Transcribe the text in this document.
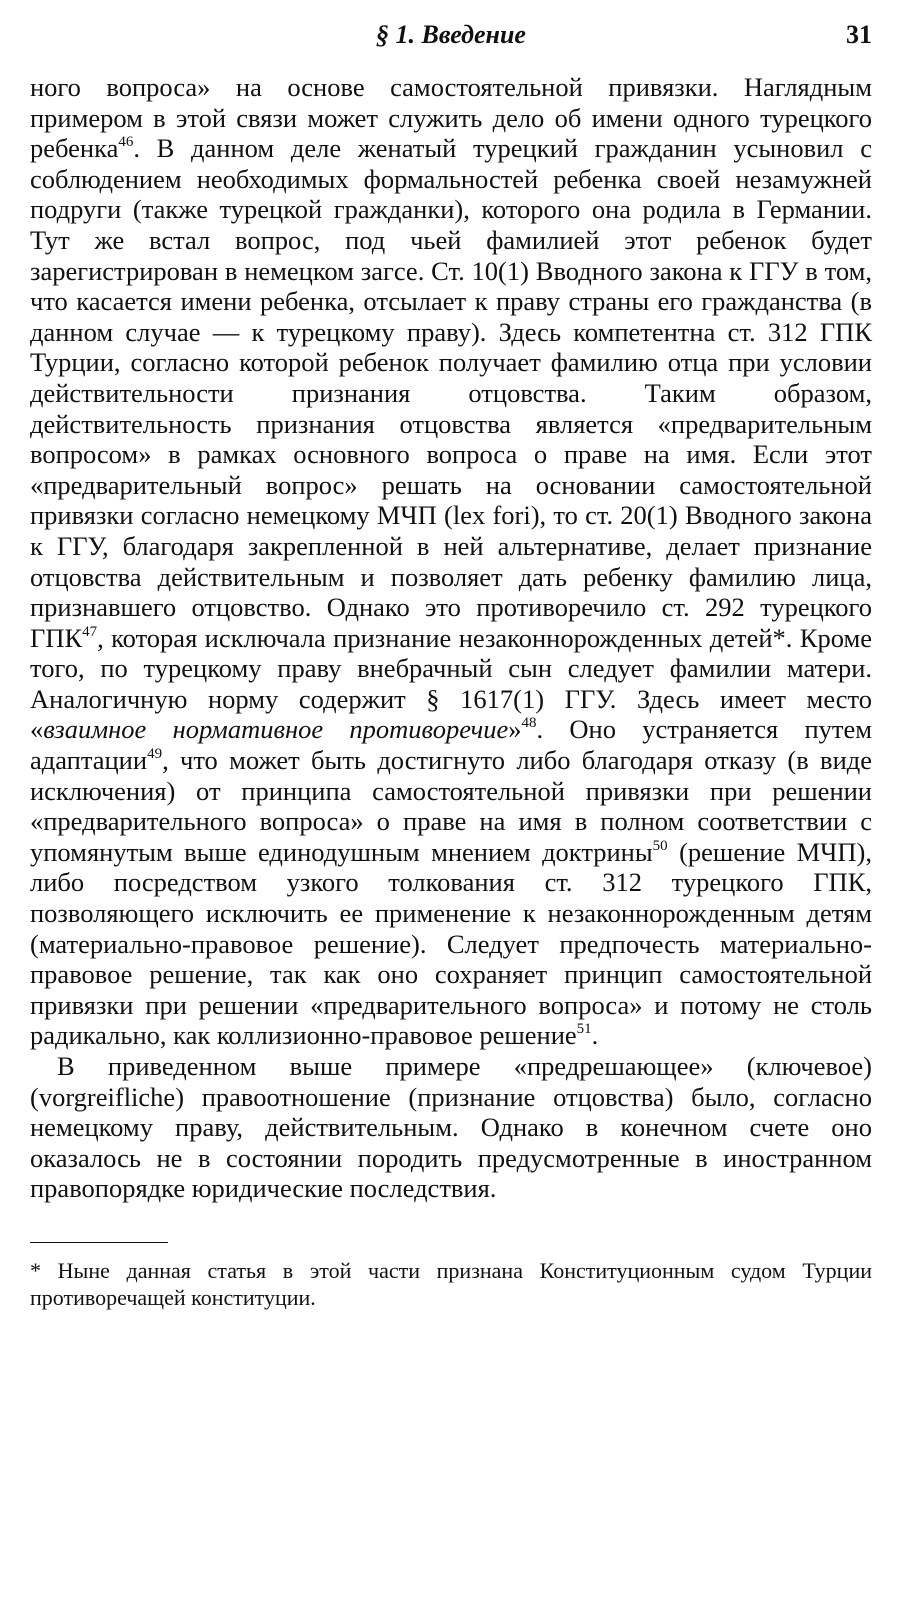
§ 1. Введение	31

ного вопроса» на основе самостоятельной привязки. Наглядным примером в этой связи может служить дело об имени одного турецкого ребенка$^{46}$. В данном деле женатый турецкий гражданин усыновил с соблюдением необходимых формальностей ребенка своей незамужней подруги (также турецкой гражданки), которого она родила в Германии. Тут же встал вопрос, под чьей фамилией этот ребенок будет зарегистрирован в немецком загсе. Ст. 10(1) Вводного закона к ГГУ в том, что касается имени ребенка, отсылает к праву страны его гражданства (в данном случае — к турецкому праву). Здесь компетентна ст. 312 ГПК Турции, согласно которой ребенок получает фамилию отца при условии действительности признания отцовства. Таким образом, действительность признания отцовства является «предварительным вопросом» в рамках основного вопроса о праве на имя. Если этот «предварительный вопрос» решать на основании самостоятельной привязки согласно немецкому МЧП (lex fori), то ст. 20(1) Вводного закона к ГГУ, благодаря закрепленной в ней альтернативе, делает признание отцовства действительным и позволяет дать ребенку фамилию лица, признавшего отцовство. Однако это противоречило ст. 292 турецкого ГПК$^{47}$, которая исключала признание незаконнорожденных детей*. Кроме того, по турецкому праву внебрачный сын следует фамилии матери. Аналогичную норму содержит § 1617(1) ГГУ. Здесь имеет место «взаимное нормативное противоречие»$^{48}$. Оно устраняется путем адаптации$^{49}$, что может быть достигнуто либо благодаря отказу (в виде исключения) от принципа самостоятельной привязки при решении «предварительного вопроса» о праве на имя в полном соответствии с упомянутым выше единодушным мнением доктрины$^{50}$ (решение МЧП), либо посредством узкого толкования ст. 312 турецкого ГПК, позволяющего исключить ее применение к незаконнорожденным детям (материально-правовое решение). Следует предпочесть материально-правовое решение, так как оно сохраняет принцип самостоятельной привязки при решении «предварительного вопроса» и потому не столь радикально, как коллизионно-правовое решение$^{51}$.

В приведенном выше примере «предрешающее» (ключевое) (vorgreifliche) правоотношение (признание отцовства) было, согласно немецкому праву, действительным. Однако в конечном счете оно оказалось не в состоянии породить предусмотренные в иностранном правопорядке юридические последствия.

* Ныне данная статья в этой части признана Конституционным судом Турции противоречащей конституции.
